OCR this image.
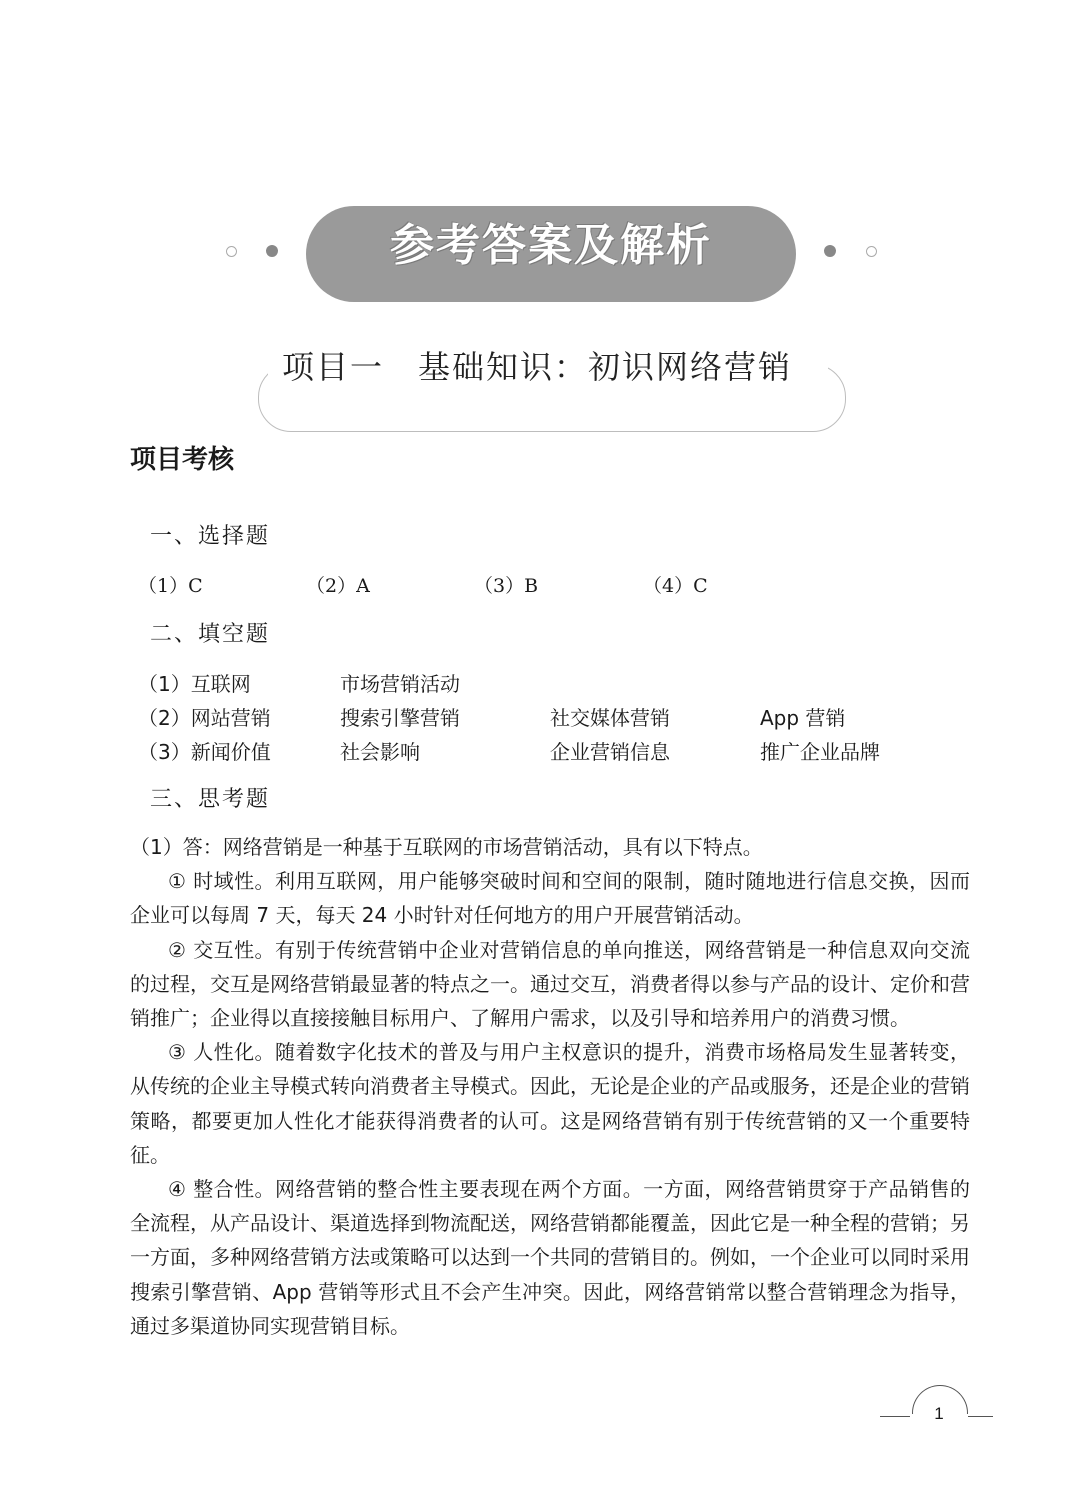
参考答案及解析
项目一　基础知识：初识网络营销
项目考核
一、选择题
（1）C	（2）A	（3）B	（4）C
二、填空题
（1）互联网	市场营销活动
（2）网站营销	搜索引擎营销	社交媒体营销	App 营销
（3）新闻价值	社会影响	企业营销信息	推广企业品牌
三、思考题

（1）答：网络营销是一种基于互联网的市场营销活动，具有以下特点。

① 时域性。利用互联网，用户能够突破时间和空间的限制，随时随地进行信息交换，因而企业可以每周 7 天，每天 24 小时针对任何地方的用户开展营销活动。

② 交互性。有别于传统营销中企业对营销信息的单向推送，网络营销是一种信息双向交流的过程，交互是网络营销最显著的特点之一。通过交互，消费者得以参与产品的设计、定价和营销推广；企业得以直接接触目标用户、了解用户需求，以及引导和培养用户的消费习惯。

③ 人性化。随着数字化技术的普及与用户主权意识的提升，消费市场格局发生显著转变，从传统的企业主导模式转向消费者主导模式。因此，无论是企业的产品或服务，还是企业的营销策略，都要更加人性化才能获得消费者的认可。这是网络营销有别于传统营销的又一个重要特征。

④ 整合性。网络营销的整合性主要表现在两个方面。一方面，网络营销贯穿于产品销售的全流程，从产品设计、渠道选择到物流配送，网络营销都能覆盖，因此它是一种全程的营销；另一方面，多种网络营销方法或策略可以达到一个共同的营销目的。例如，一个企业可以同时采用搜索引擎营销、App 营销等形式且不会产生冲突。因此，网络营销常以整合营销理念为指导，通过多渠道协同实现营销目标。

1
